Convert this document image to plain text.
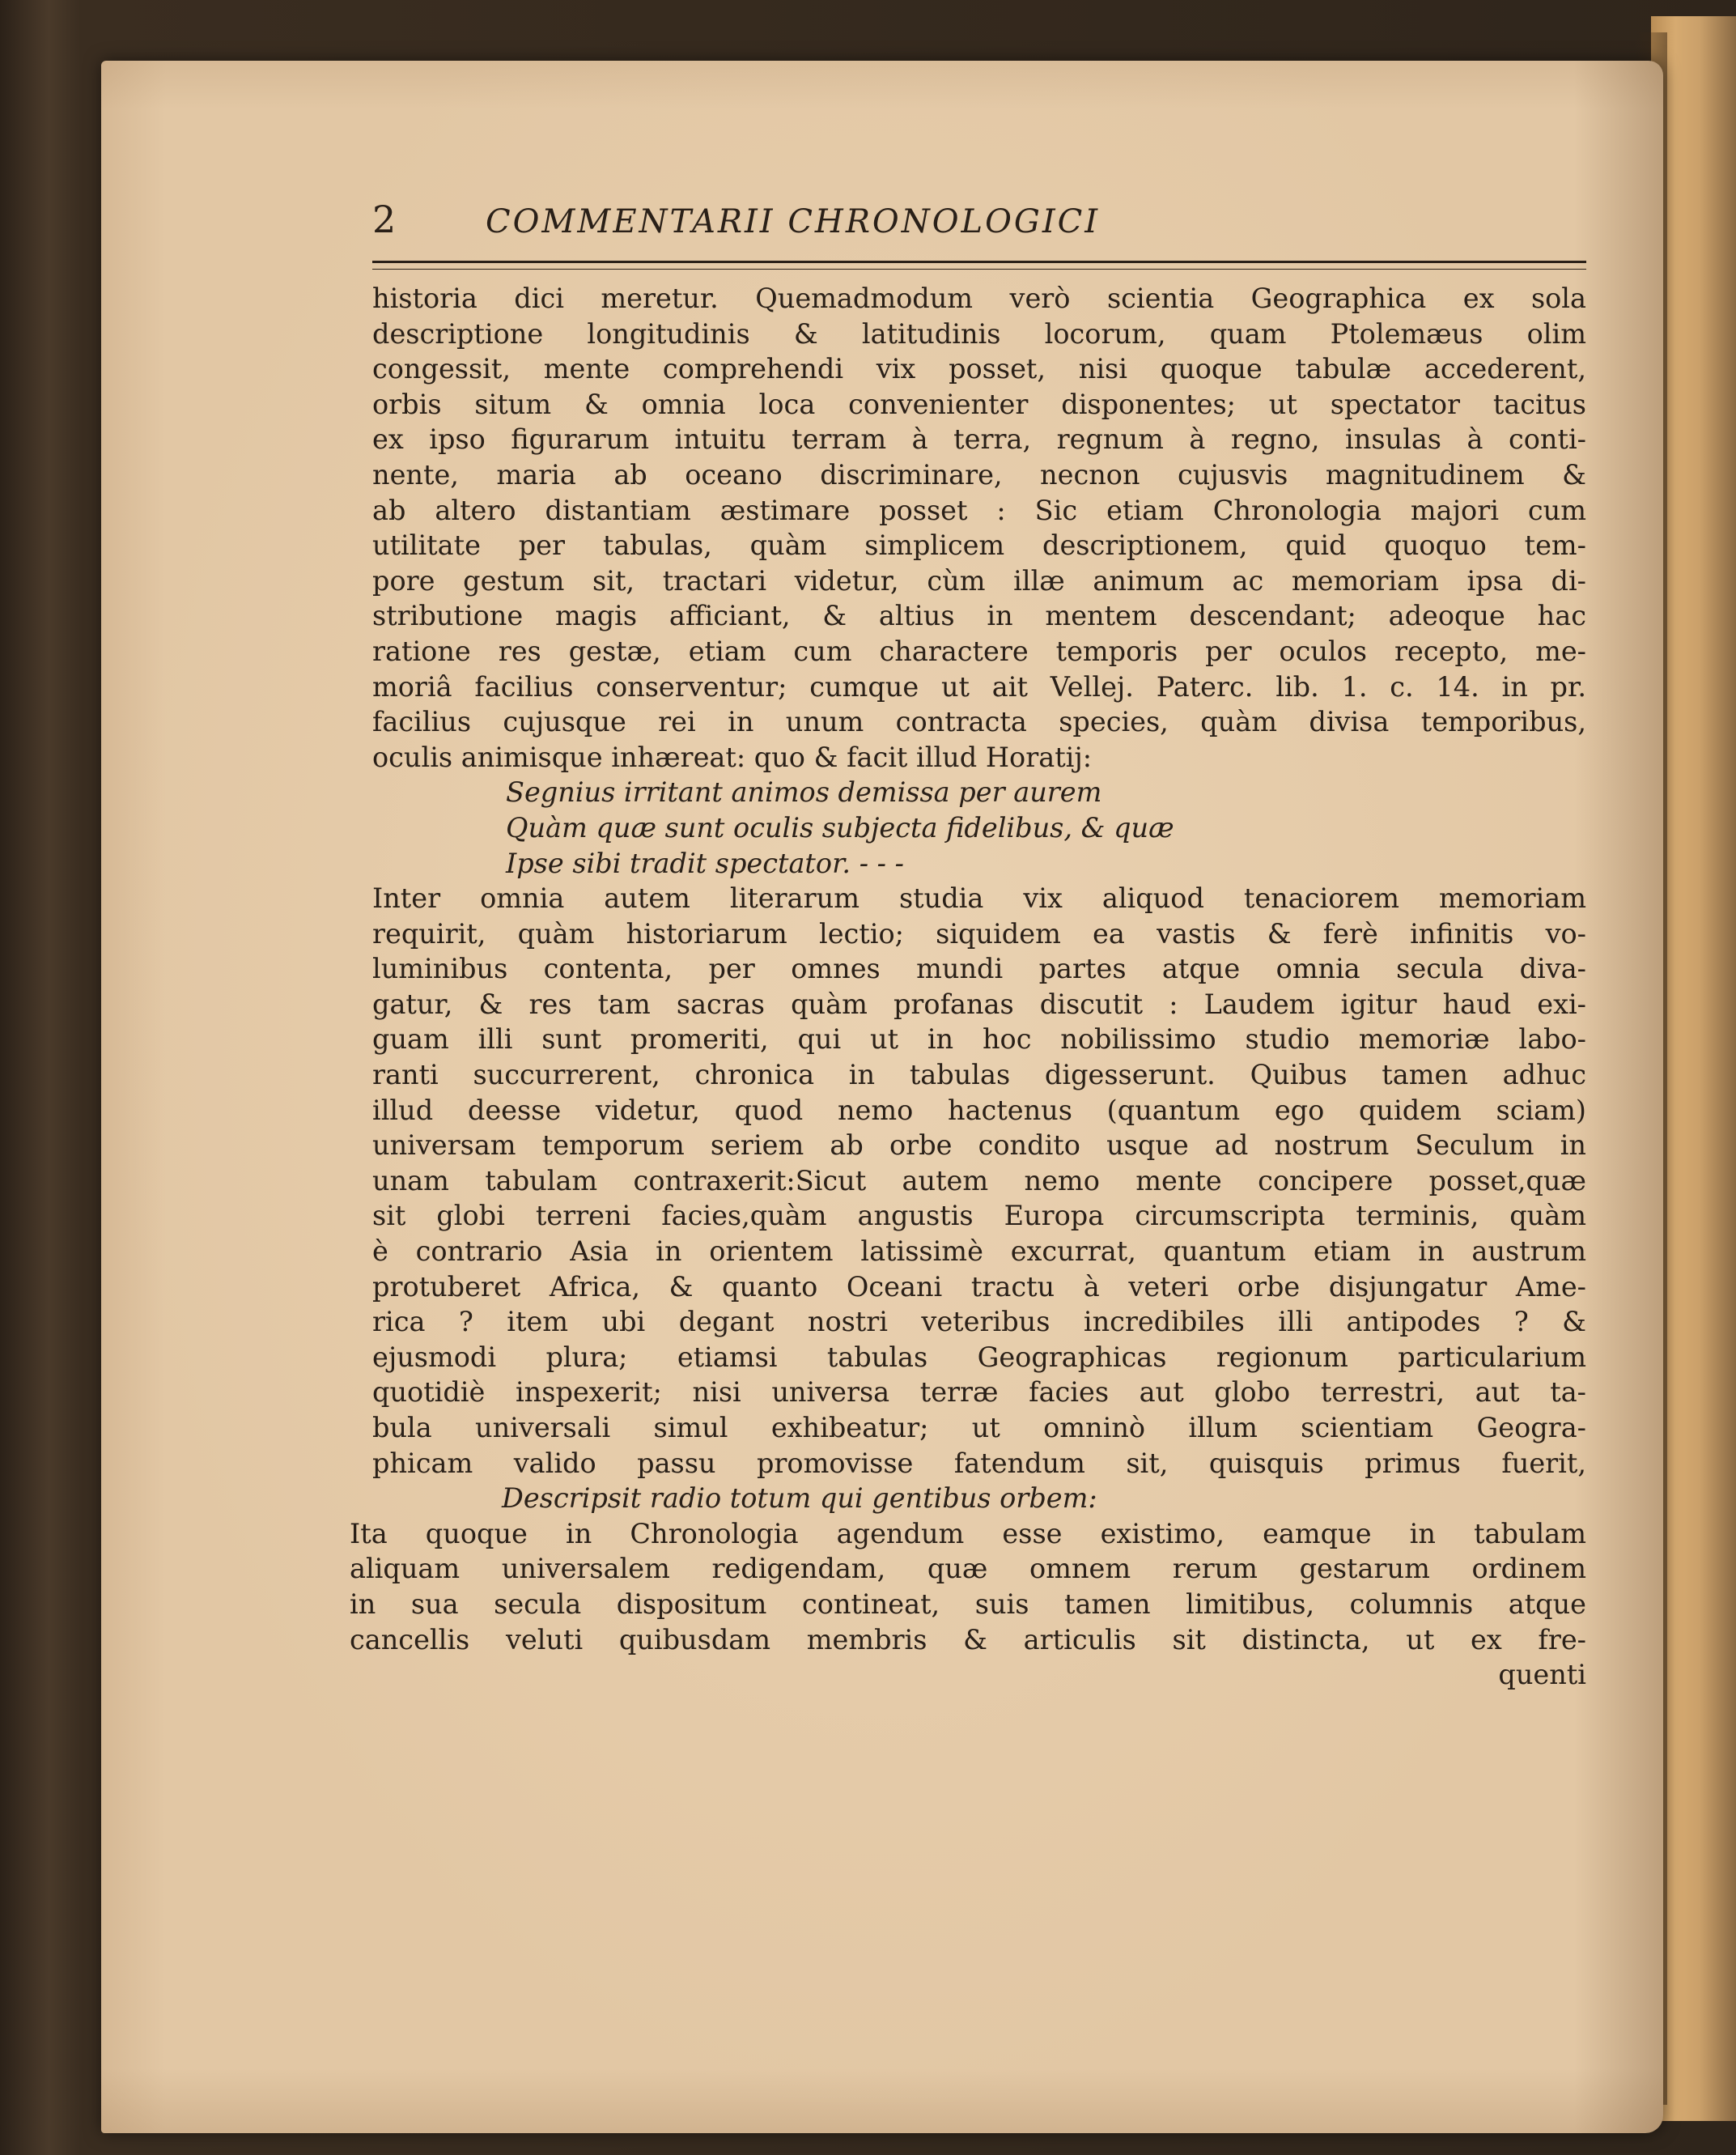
2	COMMENTARII CHRONOLOGICI
historia dici meretur. Quemadmodum verò scientia Geographica ex sola
descriptione longitudinis & latitudinis locorum, quam Ptolemæus olim
congessit, mente comprehendi vix posset, nisi quoque tabulæ accederent,
orbis situm & omnia loca convenienter disponentes; ut spectator tacitus
ex ipso figurarum intuitu terram à terra, regnum à regno, insulas à conti-
nente, maria ab oceano discriminare, necnon cujusvis magnitudinem &
ab altero distantiam æstimare posset : Sic etiam Chronologia majori cum
utilitate per tabulas, quàm simplicem descriptionem, quid quoquo tem-
pore gestum sit, tractari videtur, cùm illæ animum ac memoriam ipsa di-
stributione magis afficiant, & altius in mentem descendant; adeoque hac
ratione res gestæ, etiam cum charactere temporis per oculos recepto, me-
moriâ facilius conserventur; cumque ut ait Vellej. Paterc. lib. 1. c. 14. in pr.
facilius cujusque rei in unum contracta species, quàm divisa temporibus,
oculis animisque inhæreat: quo & facit illud Horatij:
Segnius irritant animos demissa per aurem
Quàm quæ sunt oculis subjecta fidelibus, & quæ
Ipse sibi tradit spectator. - - -
Inter omnia autem literarum studia vix aliquod tenaciorem memoriam
requirit, quàm historiarum lectio; siquidem ea vastis & ferè infinitis vo-
luminibus contenta, per omnes mundi partes atque omnia secula diva-
gatur, & res tam sacras quàm profanas discutit : Laudem igitur haud exi-
guam illi sunt promeriti, qui ut in hoc nobilissimo studio memoriæ labo-
ranti succurrerent, chronica in tabulas digesserunt. Quibus tamen adhuc
illud deesse videtur, quod nemo hactenus (quantum ego quidem sciam)
universam temporum seriem ab orbe condito usque ad nostrum Seculum in
unam tabulam contraxerit:Sicut autem nemo mente concipere posset,quæ
sit globi terreni facies,quàm angustis Europa circumscripta terminis, quàm
è contrario Asia in orientem latissimè excurrat, quantum etiam in austrum
protuberet Africa, & quanto Oceani tractu à veteri orbe disjungatur Ame-
rica ? item ubi degant nostri veteribus incredibiles illi antipodes ? &
ejusmodi plura; etiamsi tabulas Geographicas regionum particularium
quotidiè inspexerit; nisi universa terræ facies aut globo terrestri, aut ta-
bula universali simul exhibeatur; ut omninò illum scientiam Geogra-
phicam valido passu promovisse fatendum sit, quisquis primus fuerit,
Descripsit radio totum qui gentibus orbem:
Ita quoque in Chronologia agendum esse existimo, eamque in tabulam
aliquam universalem redigendam, quæ omnem rerum gestarum ordinem
in sua secula dispositum contineat, suis tamen limitibus, columnis atque
cancellis veluti quibusdam membris & articulis sit distincta, ut ex fre-
quenti
